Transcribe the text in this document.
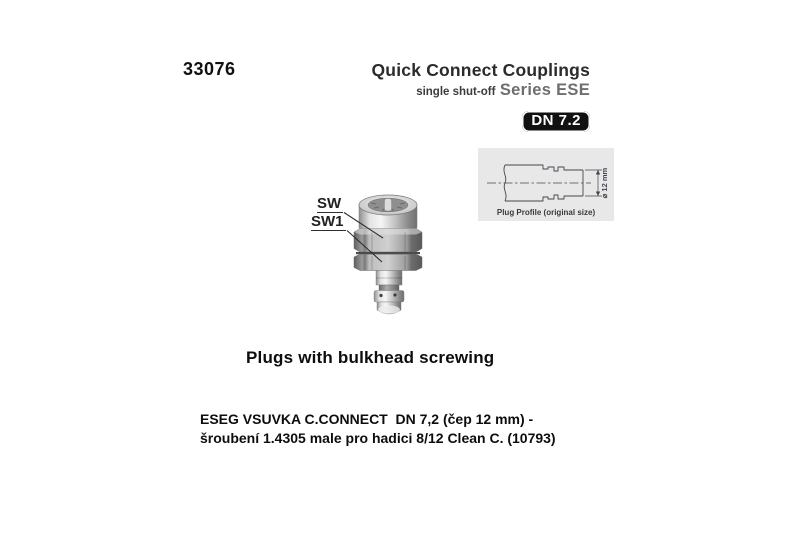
33076	Quick Connect Couplings
single shut-off Series ESE
DN 7.2
⌀ 12 mm
Plug Profile (original size)
SW
SW1
Plugs with bulkhead screwing
ESEG VSUVKA C.CONNECT  DN 7,2 (čep 12 mm) -
šroubení 1.4305 male pro hadici 8/12 Clean C. (10793)
